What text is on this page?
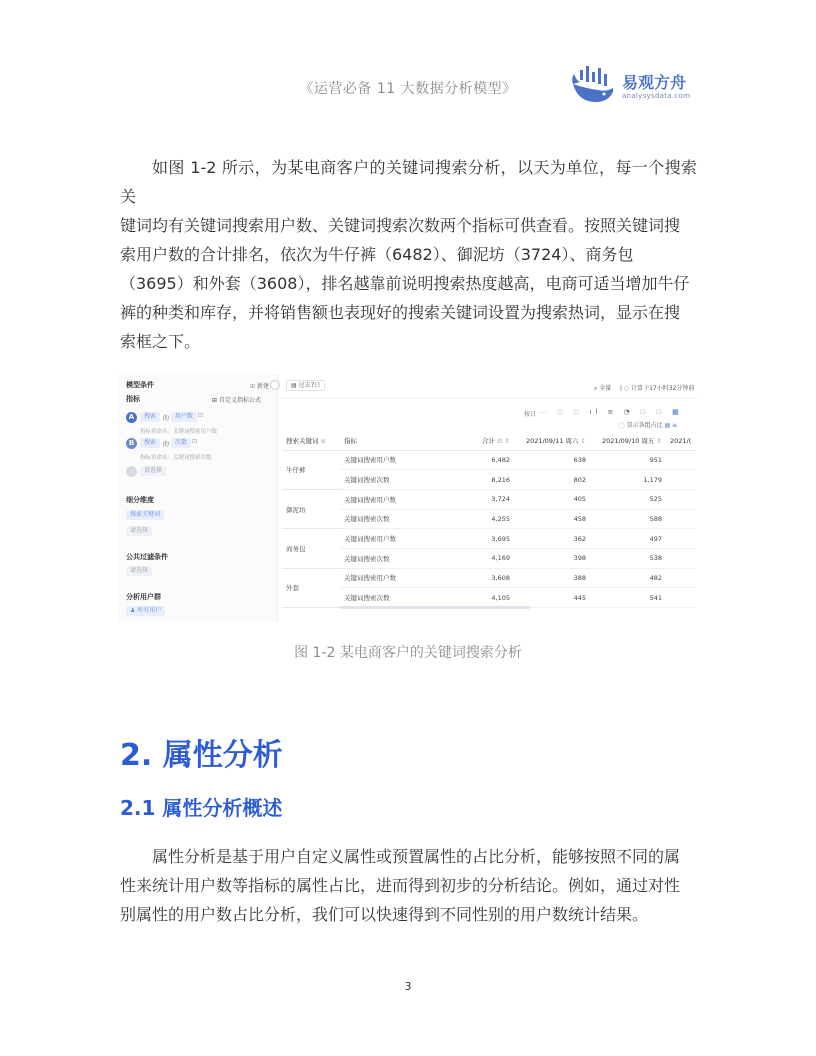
《运营必备 11 大数据分析模型》	易观方舟
analysysdata.com
如图 1-2 所示，为某电商客户的关键词搜索分析，以天为单位，每一个搜索关
键词均有关键词搜索用户数、关键词搜索次数两个指标可供查看。按照关键词搜
索用户数的合计排名，依次为牛仔裤（6482）、御泥坊（3724）、商务包
（3695）和外套（3608），排名越靠前说明搜索热度越高，电商可适当增加牛仔
裤的种类和库存，并将销售额也表现好的搜索关键词设置为搜索热词，显示在搜
索框之下。
模型条件	⊞ 新建
指标	⊞ 自定义指标公式
A	搜索	的 用户数 ⊡
指标重命名：关键词搜索用户数
B	搜索	的 次数 ⊡
指标重命名：关键词搜索次数
请选择
细分维度
搜索关键词
请选择
公共过滤条件
请选择
分析用户群
♟ 所有用户
▤ 过去7日	⌕ 全量 | ◌ 计算于17小时32分钟前
按日 — ⊡ ⊡ ıl ≡ ◔ ⊡ ⊡ ▦
◯ 显示各组占比 ▤ ≡
搜索关键词 ⊜	指标	合计 ⊟ ⇕	2021/09/11 周六 ⇕	2021/09/10 周五 ⇕	2021/(
牛仔裤	关键词搜索用户数	6,482	638	951	
	关键词搜索次数	8,216	802	1,179	
御泥坊	关键词搜索用户数	3,724	405	525	
	关键词搜索次数	4,255	458	588	
商务包	关键词搜索用户数	3,695	362	497	
	关键词搜索次数	4,169	398	538	
外套	关键词搜索用户数	3,608	388	482	
	关键词搜索次数	4,105	445	541	
图 1-2 某电商客户的关键词搜索分析
2. 属性分析
2.1 属性分析概述
属性分析是基于用户自定义属性或预置属性的占比分析，能够按照不同的属
性来统计用户数等指标的属性占比，进而得到初步的分析结论。例如，通过对性
别属性的用户数占比分析，我们可以快速得到不同性别的用户数统计结果。
3
